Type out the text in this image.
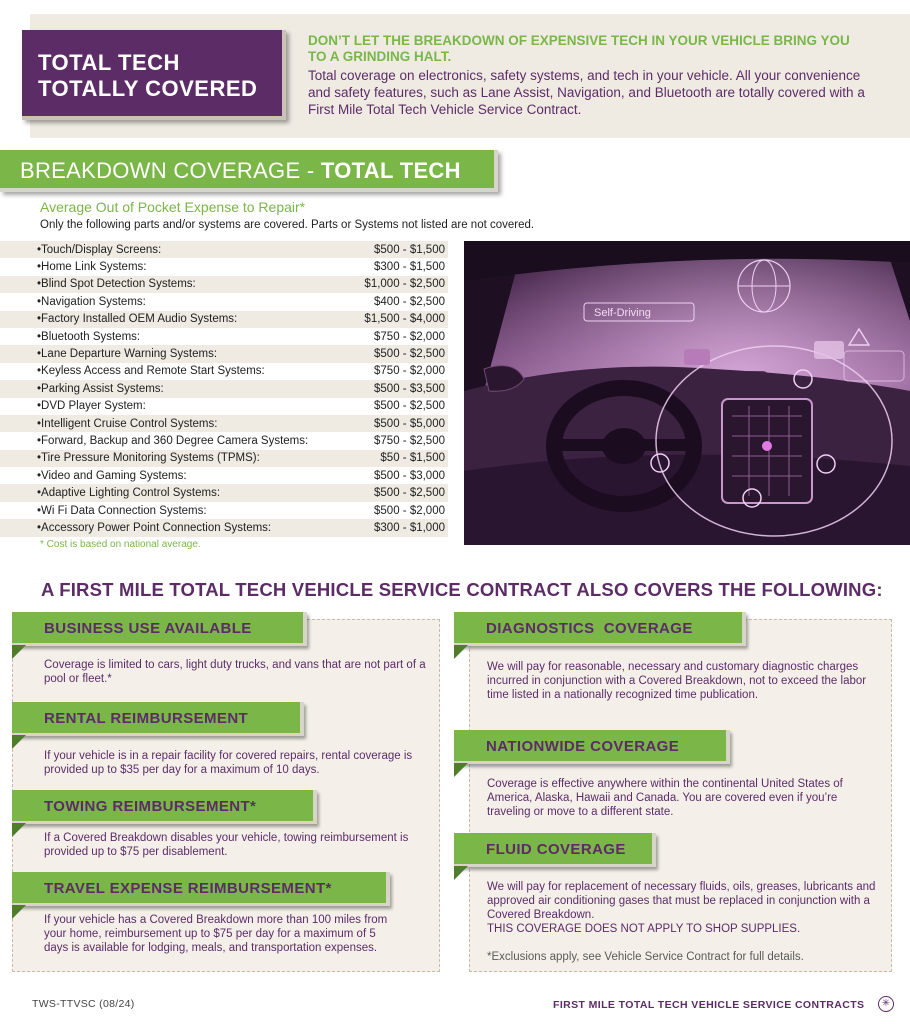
TOTAL TECH
TOTALLY COVERED
DON’T LET THE BREAKDOWN OF EXPENSIVE TECH IN YOUR VEHICLE BRING YOU TO A GRINDING HALT.
Total coverage on electronics, safety systems, and tech in your vehicle. All your convenience and safety features, such as Lane Assist, Navigation, and Bluetooth are totally covered with a First Mile Total Tech Vehicle Service Contract.
BREAKDOWN COVERAGE - TOTAL TECH
Average Out of Pocket Expense to Repair*
Only the following parts and/or systems are covered. Parts or Systems not listed are not covered.
• Touch/Display Screens:	$500 - $1,500
• Home Link Systems:	$300 - $1,500
• Blind Spot Detection Systems:	$1,000 - $2,500
• Navigation Systems:	$400 - $2,500
• Factory Installed OEM Audio Systems:	$1,500 - $4,000
• Bluetooth Systems:	$750 - $2,000
• Lane Departure Warning Systems:	$500 - $2,500
• Keyless Access and Remote Start Systems:	$750 - $2,000
• Parking Assist Systems:	$500 - $3,500
• DVD Player System:	$500 - $2,500
• Intelligent Cruise Control Systems:	$500 - $5,000
• Forward, Backup and 360 Degree Camera Systems:	$750 - $2,500
• Tire Pressure Monitoring Systems (TPMS):	$50 - $1,500
• Video and Gaming Systems:	$500 - $3,000
• Adaptive Lighting Control Systems:	$500 - $2,500
• Wi Fi Data Connection Systems:	$500 - $2,000
• Accessory Power Point Connection Systems:	$300 - $1,000
* Cost is based on national average.
Self-Driving
A FIRST MILE TOTAL TECH VEHICLE SERVICE CONTRACT ALSO COVERS THE FOLLOWING:
BUSINESS USE AVAILABLE
Coverage is limited to cars, light duty trucks, and vans that are not part of a pool or fleet.*
RENTAL REIMBURSEMENT
If your vehicle is in a repair facility for covered repairs, rental coverage is provided up to $35 per day for a maximum of 10 days.
TOWING REIMBURSEMENT*
If a Covered Breakdown disables your vehicle, towing reimbursement is provided up to $75 per disablement.
TRAVEL EXPENSE REIMBURSEMENT*
If your vehicle has a Covered Breakdown more than 100 miles from your home, reimbursement up to $75 per day for a maximum of 5 days is available for lodging, meals, and transportation expenses.
DIAGNOSTICS  COVERAGE
We will pay for reasonable, necessary and customary diagnostic charges incurred in conjunction with a Covered Breakdown, not to exceed the labor time listed in a nationally recognized time publication.
NATIONWIDE COVERAGE
Coverage is effective anywhere within the continental United States of America, Alaska, Hawaii and Canada. You are covered even if you’re traveling or move to a different state.
FLUID COVERAGE
We will pay for replacement of necessary fluids, oils, greases, lubricants and approved air conditioning gases that must be replaced in conjunction with a Covered Breakdown.
THIS COVERAGE DOES NOT APPLY TO SHOP SUPPLIES.
*Exclusions apply, see Vehicle Service Contract for full details.
TWS-TTVSC (08/24)	FIRST MILE TOTAL TECH VEHICLE SERVICE CONTRACTS	✳
